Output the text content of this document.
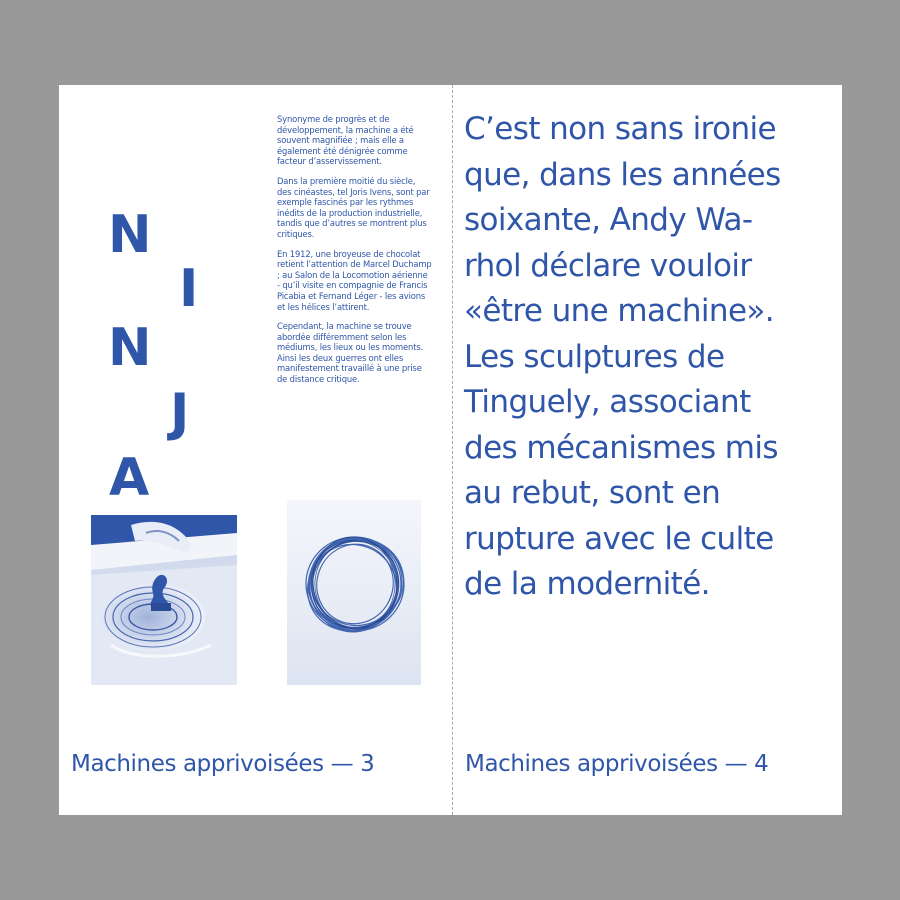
N
I
N
J
A

Synonyme de progrès et de développement, la machine a été souvent magnifiée ; mais elle a également été dénigrée comme facteur d’asservissement.

Dans la première moitié du siècle, des cinéastes, tel Joris Ivens, sont par exemple fascinés par les rythmes inédits de la production industrielle, tandis que d’autres se montrent plus critiques.

En 1912, une broyeuse de chocolat retient l’attention de Marcel Duchamp ; au Salon de la Locomotion aérienne - qu’il visite en compagnie de Francis Picabia et Fernand Léger - les avions et les hélices l’attirent.

Cependant, la machine se trouve abordée différemment selon les médiums, les lieux ou les moments. Ainsi les deux guerres ont elles manifestement travaillé à une prise de distance critique.

Machines apprivoisées — 3
C’est non sans ironie
que, dans les années
soixante, Andy Wa-
rhol déclare vouloir
«être une machine».
Les sculptures de
Tinguely, associant
des mécanismes mis
au rebut, sont en
rupture avec le culte
de la modernité.
Machines apprivoisées — 4
